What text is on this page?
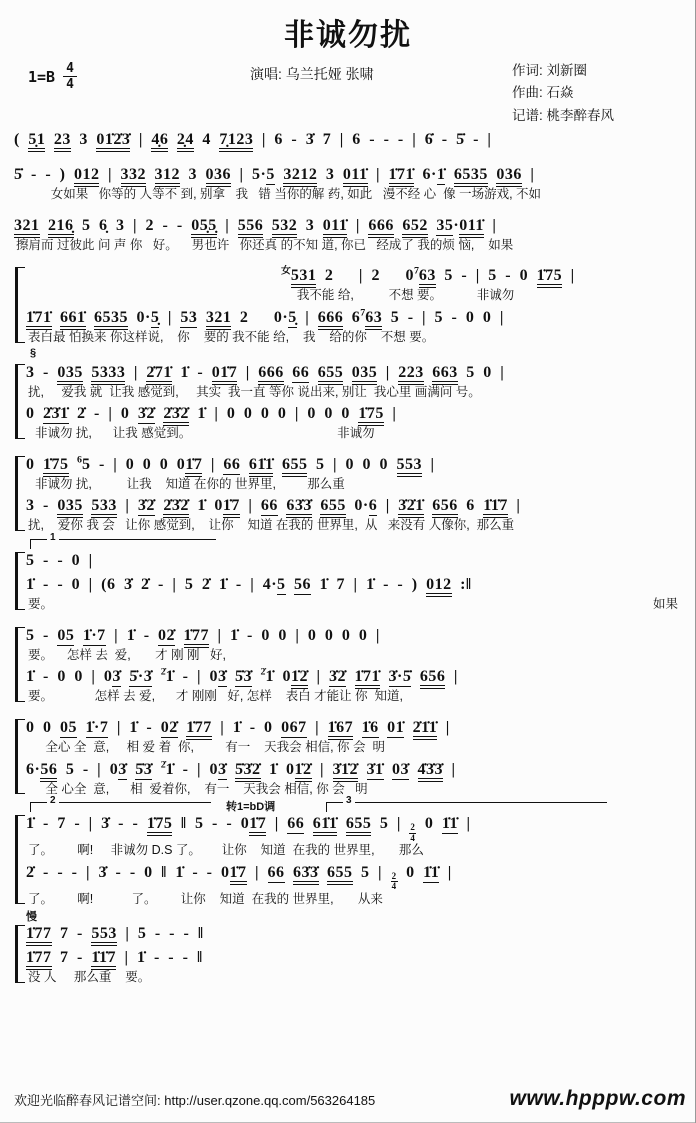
非诚勿扰
$1=B \frac{4}{4}$	演唱: 乌兰托娅 张啸	作词: 刘新圈
作曲: 石焱
记谱: 桃李醉春风
( 5̣1 23 3 01̇2̇3̇ | 4̣6 2̣4 4 7̣123 | 6 - 3̇ 7 | 6 - - - | 6̇ - 5̇ - |
5̇ - - ) 012 | 332 312 3 036 | 5·5 3212 3 011̇ | 1̇71̇ 6·1̇ 6535 036 |
女如果   你等的 人等不 到, 别拿   我   错 当你的解 药, 如此   漫不经 心  像 一场游戏, 不如
321 216̣ 5 6̣ 3 | 2 - - 05̣5̣ | 556 532 3 011̇ | 666 652 35·011̇ |
擦肩而 过彼此 问 声 你   好。    男也许   你还真 的不知 道, 你已   经成了 我的烦 恼,    如果
$^女$531 2   | 2   $0^763$ 5 - | 5 - 0 1̇75 |
我不能 给,          不想 要。          非诚勿
1̇71̇ 661̇ 6535 0·5̣ | 53 321 2   0·5̣ | 666 $6^763$ 5 - | 5 - 0 0 |
表白最 怕换来 你这样说,    你    要的 我不能 给,    我    给的你    不想 要。
§
3 - 035 5333 | 2̇71̇ 1̇ - 01̇7 | 666 66 655 035 | 223 663 5 0 |
扰,     爱我 就  让我 感觉到,     其实  我一直 等你 说出来, 别让  我心里 画满问 号。
0 2̇3̇1̇ 2̇ - | 0 3̇2̇ 2̇3̇2̇ 1̇ | 0 0 0 0 | 0 0 0 1̇75 |
非诚勿 扰,      让我 感觉到。                                          非诚勿
0 1̇75 $^6$5 - | 0 0 0 01̇7 | 66 61̇1̇ 655 5 | 0 0 0 553 |
非诚勿 扰,          让我    知道 在你的 世界里,         那么重
3 - 035 533 | 3̇2̇ 2̇3̇2̇ 1̇ 01̇7 | 66 63̇3̇ 655 0·6 | 3̇2̇1̇ 656 6 1̇1̇7 |
扰,    爱你 我 会   让你 感觉到,    让你    知道 在我的 世界里,  从   来没有 人像你,  那么重
1
5 - - 0 |
1̇ - - 0 | (6 3̇ 2̇ - | 5 2̇ 1̇ - | 4·5 56 1̇ 7 | 1̇ - - ) 012 :‖
要。	如果
5 - 05 1̇·7 | 1̇ - 02̇ 1̇77 | 1̇ - 0 0 | 0 0 0 0 |
要。    怎样 去  爱,       才 刚 刚   好,
1̇ - 0 0 | 03̇ 5̇·3̇ $^{2̇}$1̇ - | 03̇ 5̇3̇ $^{2̇}$1̇ 01̇2̇ | 3̇2̇ 1̇71̇ 3̇·5̇ 656 |
要。            怎样 去 爱,      才 刚刚   好, 怎样    表白 才能让 你  知道,
0 0 05 1̇·7 | 1̇ - 02̇ 1̇77 | 1̇ - 0 067 | 1̇67 1̇6 01̇ 2̇1̇1̇ |
全心 全  意,     相 爱 着  你,         有一    天我会 相信, 你 会  明
6·56 5 - | 03̇ 5̇3̇ $^{2̇}$1̇ - | 03̇ 5̇3̇2̇ 1̇ 01̇2̇ | 3̇1̇2̇ 3̇1̇ 03̇ 4̇3̇3̇ |
全 心全  意,      相  爱着你,    有一    天我会 相信, 你 会   明
2
转1=bD调
3
1̇ - 7 - | 3̇ - - 1̇75 ‖ 5 - - 01̇7 | 66 61̇1̇ 655 5 | $\frac{2}{4} 0$ 1̇1̇ |
了。       啊!     非诚勿 D.S 了。      让你    知道  在我的 世界里,       那么
2̇ - - - | 3̇ - - 0 ‖ 1̇ - - 01̇7 | 66 63̇3̇ 655 5 | $\frac{2}{4} 0$ 1̇1̇ |
了。       啊!           了。       让你    知道  在我的 世界里,       从来
慢
1̇77 7 - 553 | 5 - - - ‖
1̇77 7 - 1̇1̇7 | 1̇ - - - ‖
没 人     那么重    要。
欢迎光临醉春风记谱空间: http://user.qzone.qq.com/563264185	www.hpppw.com
